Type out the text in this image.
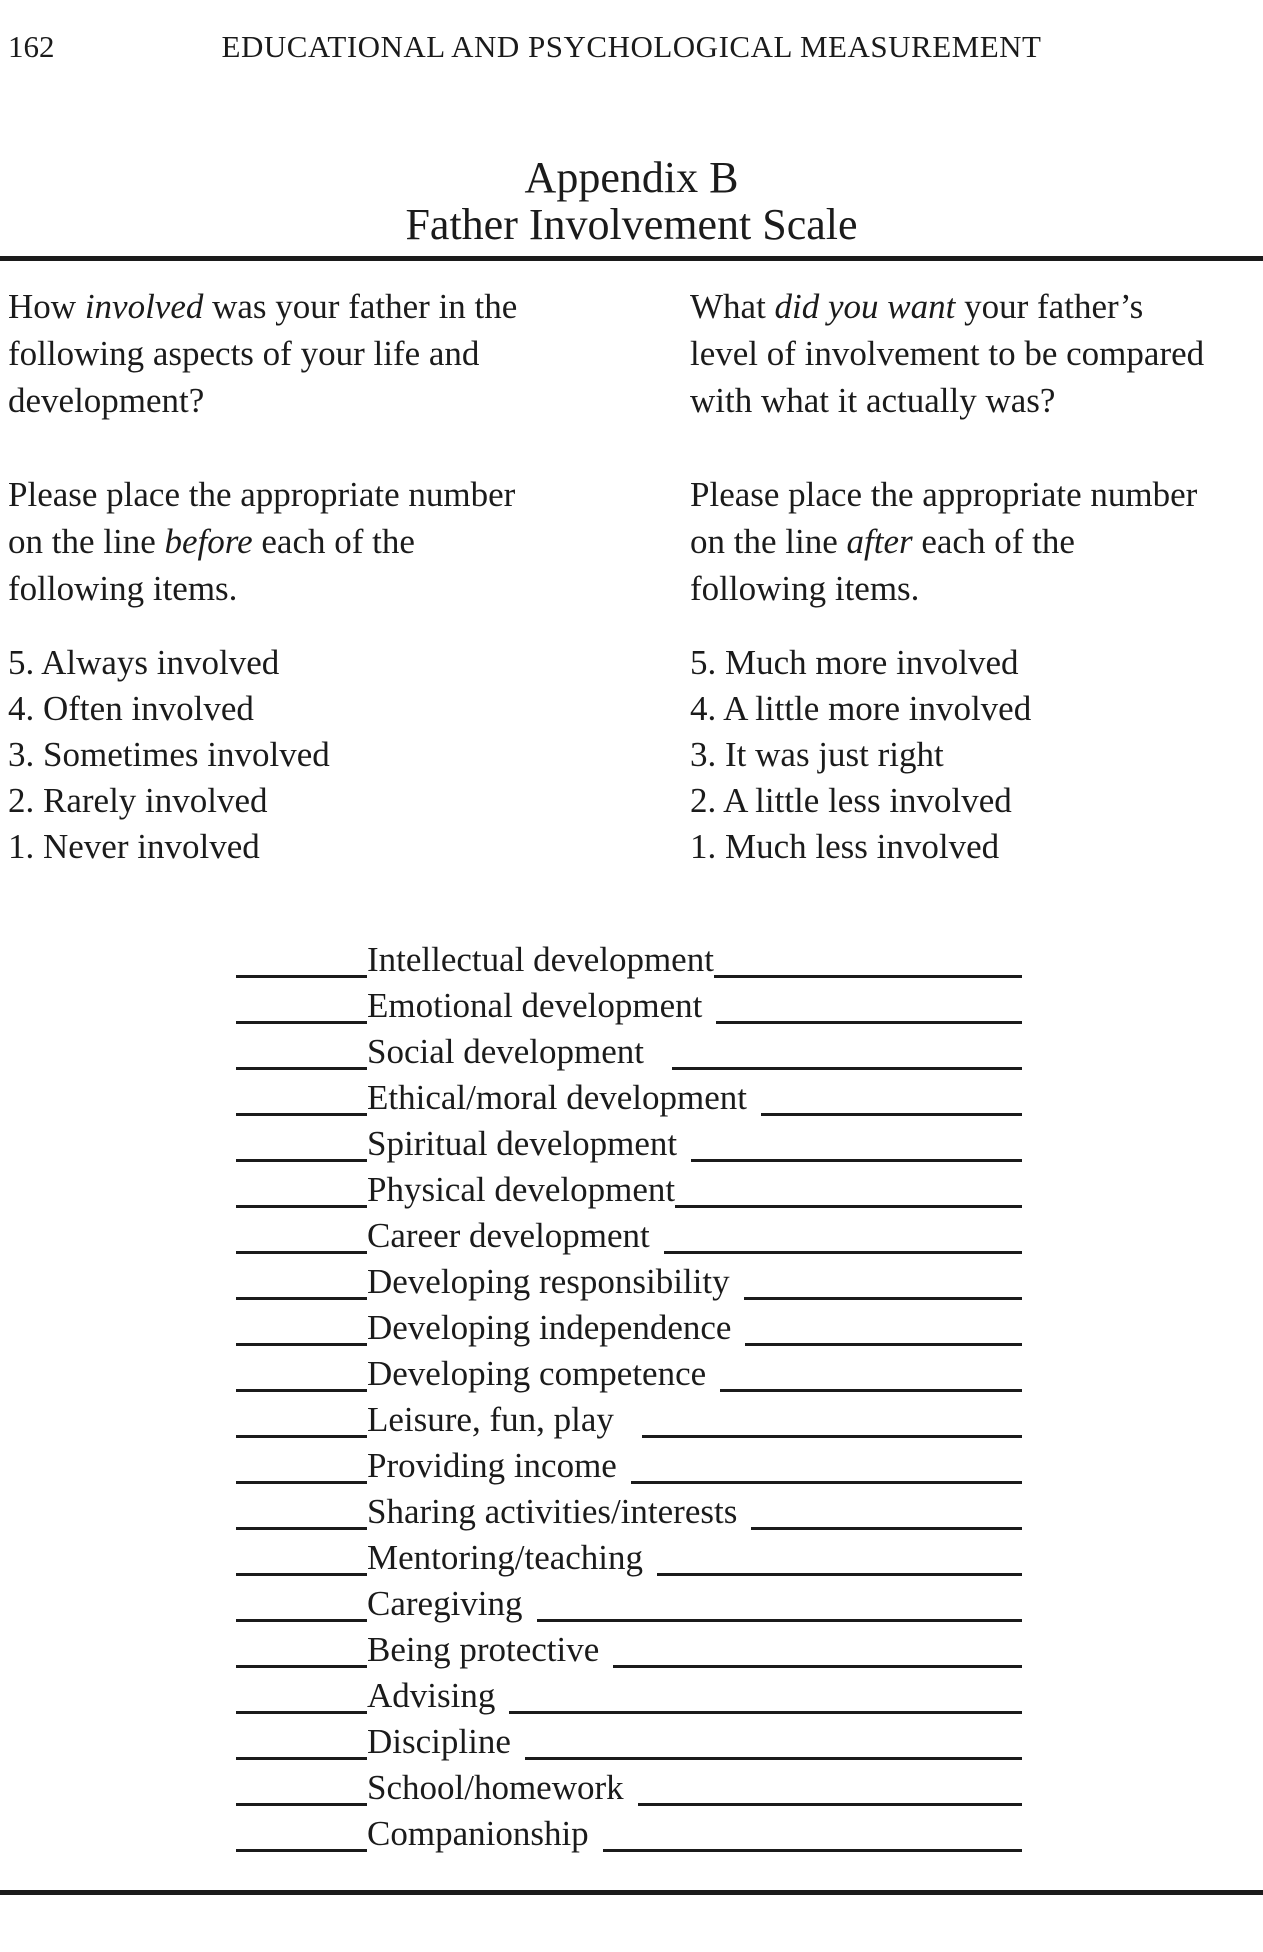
162	EDUCATIONAL AND PSYCHOLOGICAL MEASUREMENT
Appendix B
Father Involvement Scale
How involved was your father in the
following aspects of your life and
development?
Please place the appropriate number
on the line before each of the
following items.
What did you want your father’s
level of involvement to be compared
with what it actually was?
Please place the appropriate number
on the line after each of the
following items.
5. Always involved
4. Often involved
3. Sometimes involved
2. Rarely involved
1. Never involved
5. Much more involved
4. A little more involved
3. It was just right
2. A little less involved
1. Much less involved
Intellectual development
Emotional development
Social development
Ethical/moral development
Spiritual development
Physical development
Career development
Developing responsibility
Developing independence
Developing competence
Leisure, fun, play
Providing income
Sharing activities/interests
Mentoring/teaching
Caregiving
Being protective
Advising
Discipline
School/homework
Companionship
